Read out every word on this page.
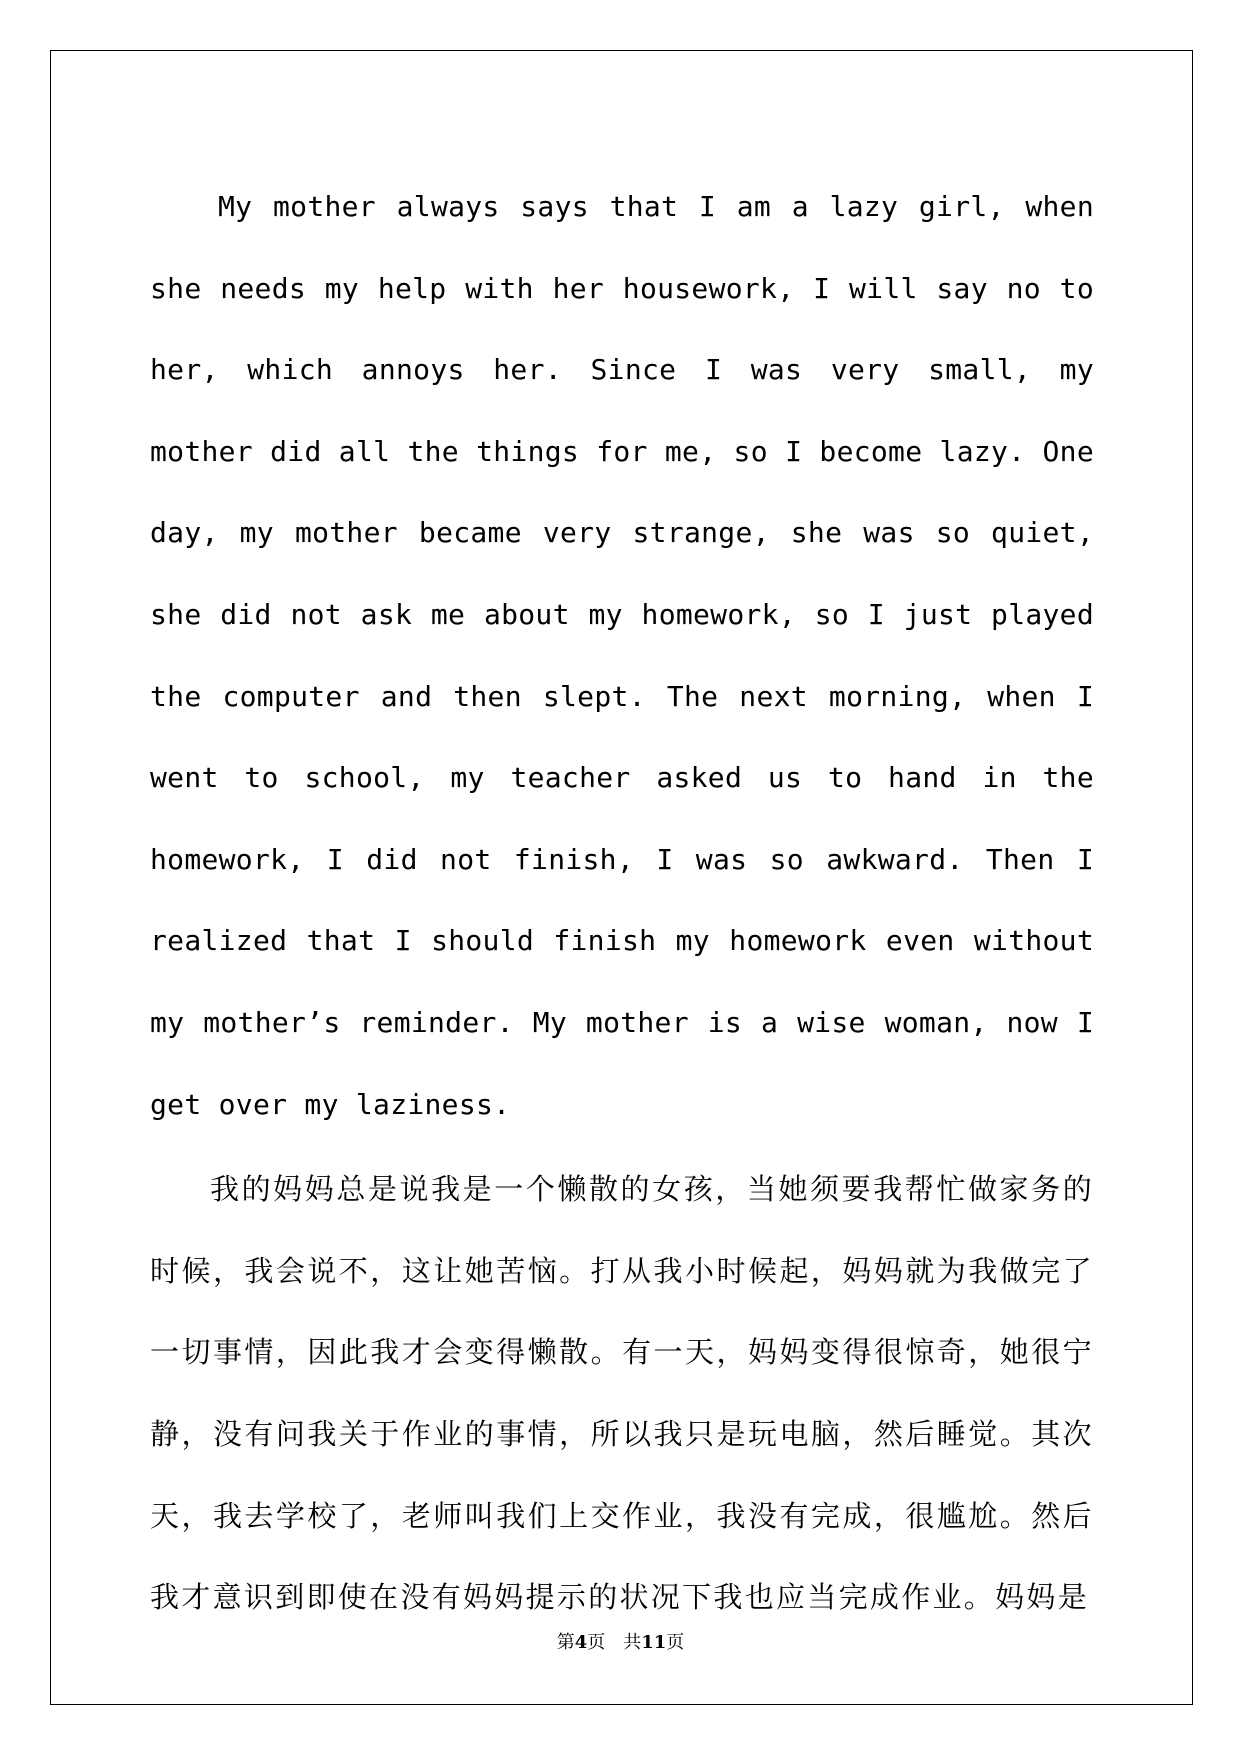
My mother always says that I am a lazy girl, when she needs my help with her housework, I will say no to her, which annoys her. Since I was very small, my mother did all the things for me, so I become lazy. One day, my mother became very strange, she was so quiet, she did not ask me about my homework, so I just played the computer and then slept. The next morning, when I went to school, my teacher asked us to hand in the homework, I did not finish, I was so awkward. Then I realized that I should finish my homework even without my mother’s reminder. My mother is a wise woman, now I get over my laziness.

我的妈妈总是说我是一个懒散的女孩，当她须要我帮忙做家务的时候，我会说不，这让她苦恼。打从我小时候起，妈妈就为我做完了一切事情，因此我才会变得懒散。有一天，妈妈变得很惊奇，她很宁静，没有问我关于作业的事情，所以我只是玩电脑，然后睡觉。其次天，我去学校了，老师叫我们上交作业，我没有完成，很尴尬。然后我才意识到即使在没有妈妈提示的状况下我也应当完成作业。妈妈是

第4页 共11页
